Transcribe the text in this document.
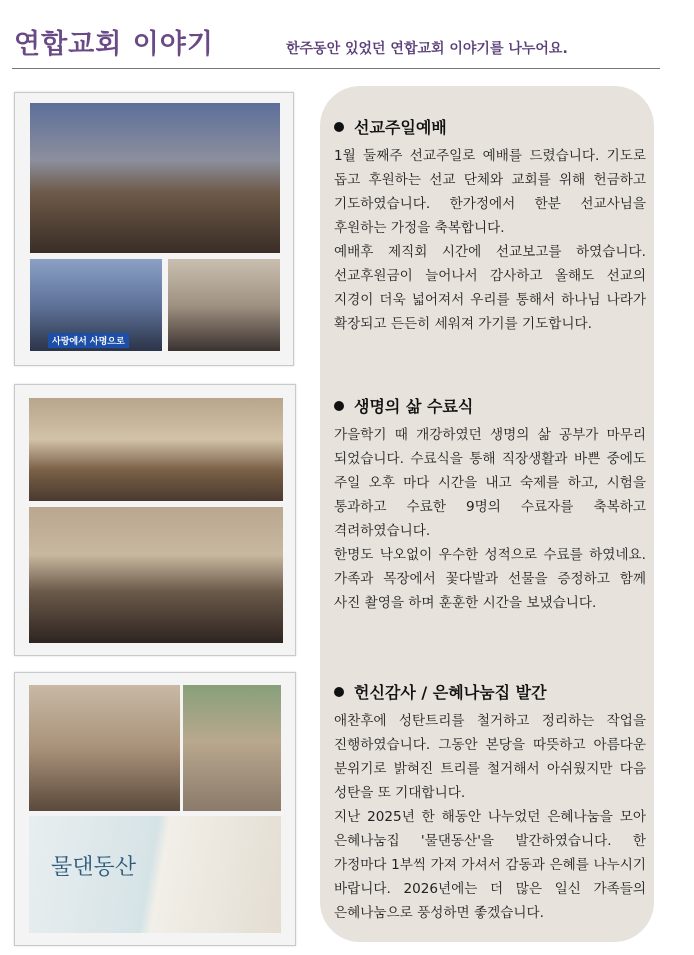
연합교회 이야기	한주동안 있었던 연합교회 이야기를 나누어요.
사랑에서 사명으로
물댄동산
선교주일예배

1월 둘째주 선교주일로 예배를 드렸습니다. 기도로 돕고 후원하는 선교 단체와 교회를 위해 헌금하고 기도하였습니다. 한가정에서 한분 선교사님을 후원하는 가정을 축복합니다.

예배후 제직회 시간에 선교보고를 하였습니다. 선교후원금이 늘어나서 감사하고 올해도 선교의 지경이 더욱 넓어져서 우리를 통해서 하나님 나라가 확장되고 든든히 세워져 가기를 기도합니다.

생명의 삶 수료식

가을학기 때 개강하였던 생명의 삶 공부가 마무리 되었습니다. 수료식을 통해 직장생활과 바쁜 중에도 주일 오후 마다 시간을 내고 숙제를 하고, 시험을 통과하고 수료한 9명의 수료자를 축복하고 격려하였습니다.

한명도 낙오없이 우수한 성적으로 수료를 하였네요. 가족과 목장에서 꽃다발과 선물을 증정하고 함께 사진 촬영을 하며 훈훈한 시간을 보냈습니다.

헌신감사 / 은혜나눔집 발간

애찬후에 성탄트리를 철거하고 정리하는 작업을 진행하였습니다. 그동안 본당을 따뜻하고 아름다운 분위기로 밝혀진 트리를 철거해서 아쉬웠지만 다음 성탄을 또 기대합니다.

지난 2025년 한 해동안 나누었던 은혜나눔을 모아 은혜나눔집 '물댄동산'을 발간하였습니다. 한 가정마다 1부씩 가져 가셔서 감동과 은혜를 나누시기 바랍니다. 2026년에는 더 많은 일신 가족들의 은혜나눔으로 풍성하면 좋겠습니다.
